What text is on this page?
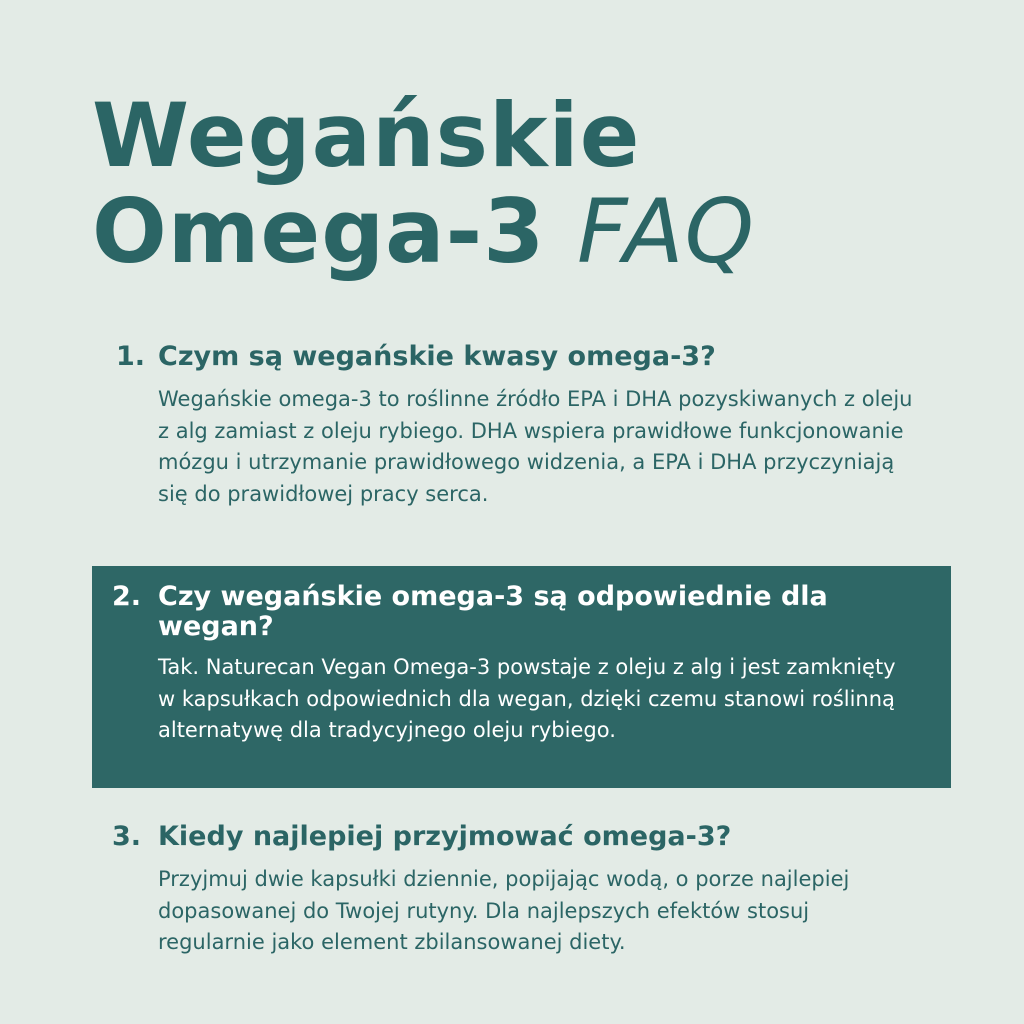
Wegańskie
Omega-3 FAQ
1. Czym są wegańskie kwasy omega-3?

Wegańskie omega-3 to roślinne źródło EPA i DHA pozyskiwanych z oleju z alg zamiast z oleju rybiego. DHA wspiera prawidłowe funkcjonowanie mózgu i utrzymanie prawidłowego widzenia, a EPA i DHA przyczyniają się do prawidłowej pracy serca.

2. Czy wegańskie omega-3 są odpowiednie dla wegan?

Tak. Naturecan Vegan Omega-3 powstaje z oleju z alg i jest zamknięty w kapsułkach odpowiednich dla wegan, dzięki czemu stanowi roślinną alternatywę dla tradycyjnego oleju rybiego.

3. Kiedy najlepiej przyjmować omega-3?

Przyjmuj dwie kapsułki dziennie, popijając wodą, o porze najlepiej dopasowanej do Twojej rutyny. Dla najlepszych efektów stosuj regularnie jako element zbilansowanej diety.
